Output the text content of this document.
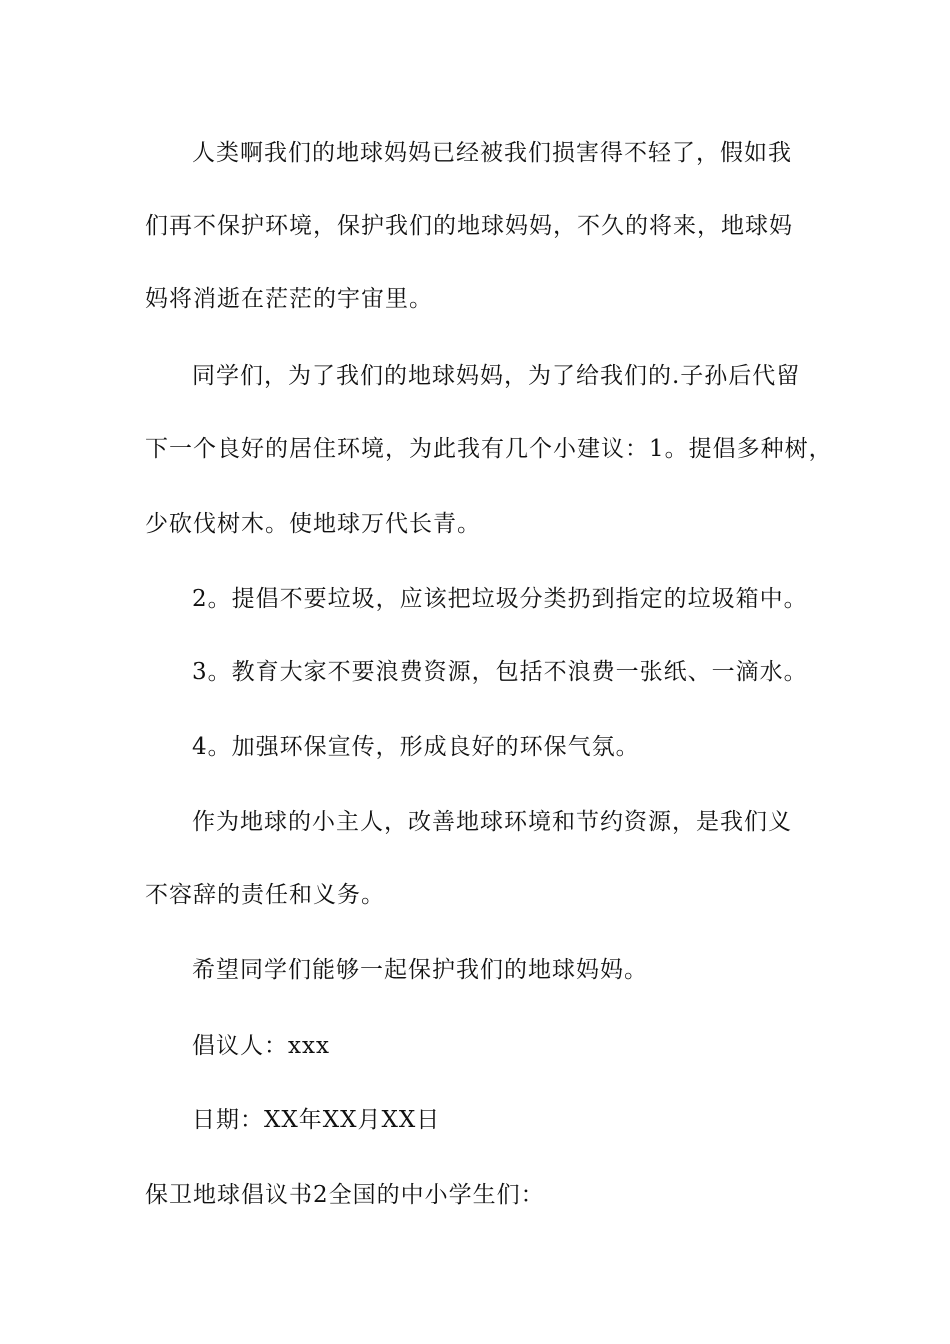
人类啊我们的地球妈妈已经被我们损害得不轻了，假如我
们再不保护环境，保护我们的地球妈妈，不久的将来，地球妈
妈将消逝在茫茫的宇宙里。
同学们，为了我们的地球妈妈，为了给我们的.子孙后代留
下一个良好的居住环境，为此我有几个小建议：1。提倡多种树，
少砍伐树木。使地球万代长青。
2。提倡不要垃圾，应该把垃圾分类扔到指定的垃圾箱中。
3。教育大家不要浪费资源，包括不浪费一张纸、一滴水。
4。加强环保宣传，形成良好的环保气氛。
作为地球的小主人，改善地球环境和节约资源，是我们义
不容辞的责任和义务。
希望同学们能够一起保护我们的地球妈妈。
倡议人：xxx
日期：XX年XX月XX日
保卫地球倡议书2全国的中小学生们：
